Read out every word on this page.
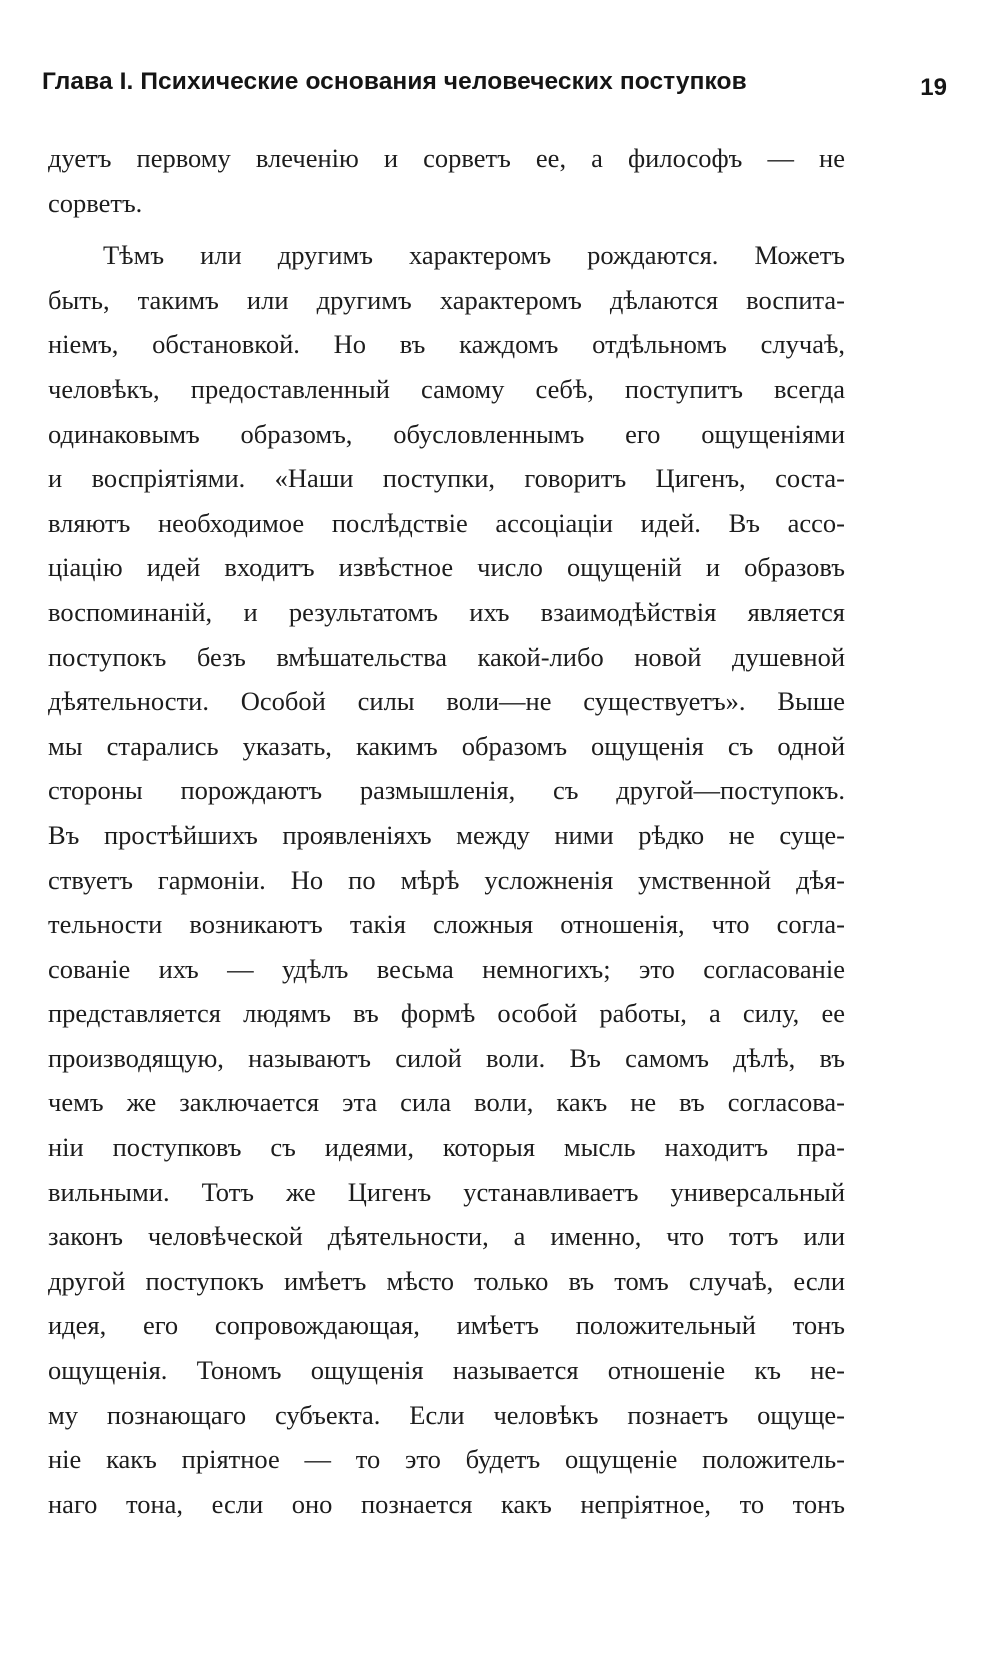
Глава I. Психические основания человеческих поступков	19
дуетъ первому влеченію и сорветъ ее, а философъ — не
сорветъ.
Тѣмъ или другимъ характеромъ рождаются. Можетъ
быть, такимъ или другимъ характеромъ дѣлаются воспита-
ніемъ, обстановкой. Но въ каждомъ отдѣльномъ случаѣ,
человѣкъ, предоставленный самому себѣ, поступитъ всегда
одинаковымъ образомъ, обусловленнымъ его ощущеніями
и воспріятіями. «Наши поступки, говоритъ Цигенъ, соста-
вляютъ необходимое послѣдствіе ассоціаціи идей. Въ ассо-
ціацію идей входитъ извѣстное число ощущеній и образовъ
воспоминаній, и результатомъ ихъ взаимодѣйствія является
поступокъ безъ вмѣшательства какой-либо новой душевной
дѣятельности. Особой силы воли—не существуетъ». Выше
мы старались указать, какимъ образомъ ощущенія съ одной
стороны порождаютъ размышленія, съ другой—поступокъ.
Въ простѣйшихъ проявленіяхъ между ними рѣдко не суще-
ствуетъ гармоніи. Но по мѣрѣ усложненія умственной дѣя-
тельности возникаютъ такія сложныя отношенія, что согла-
сованіе ихъ — удѣлъ весьма немногихъ; это согласованіе
представляется людямъ въ формѣ особой работы, а силу, ее
производящую, называютъ силой воли. Въ самомъ дѣлѣ, въ
чемъ же заключается эта сила воли, какъ не въ согласова-
ніи поступковъ съ идеями, которыя мысль находитъ пра-
вильными. Тотъ же Цигенъ устанавливаетъ универсальный
законъ человѣческой дѣятельности, а именно, что тотъ или
другой поступокъ имѣетъ мѣсто только въ томъ случаѣ, если
идея, его сопровождающая, имѣетъ положительный тонъ
ощущенія. Тономъ ощущенія называется отношеніе къ не-
му познающаго субъекта. Если человѣкъ познаетъ ощуще-
ніе какъ пріятное — то это будетъ ощущеніе положитель-
наго тона, если оно познается какъ непріятное, то тонъ
